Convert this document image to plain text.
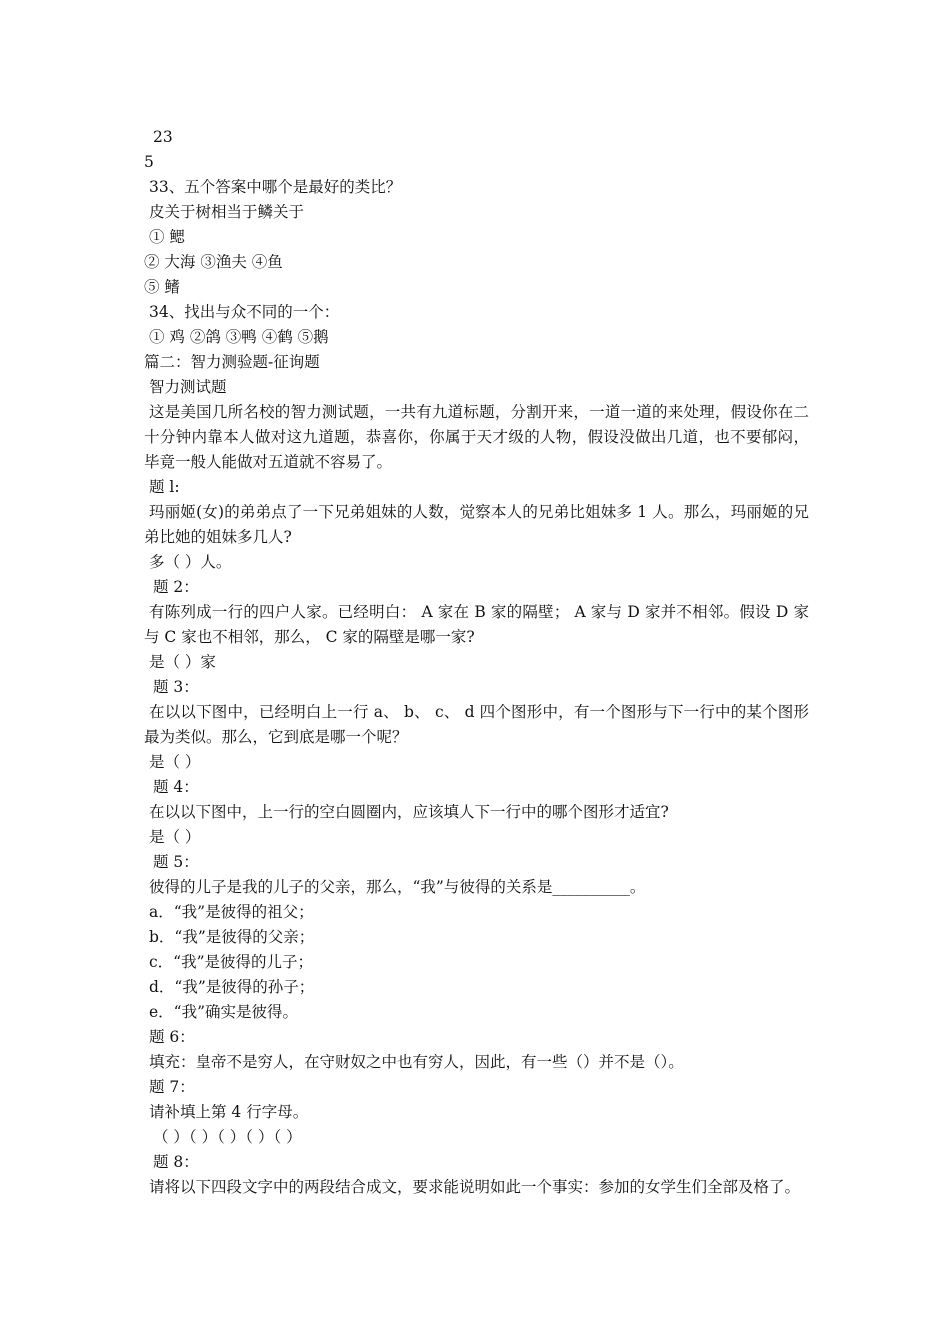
23

5

33、五个答案中哪个是最好的类比？

皮关于树相当于鳞关于

① 鳃

② 大海 ③渔夫 ④鱼

⑤ 鳍

34、找出与众不同的一个：

① 鸡 ②鸽 ③鸭 ④鹤 ⑤鹅

篇二：智力测验题-征询题

智力测试题

这是美国几所名校的智力测试题，一共有九道标题，分割开来，一道一道的来处理，假设你在二十分钟内靠本人做对这九道题，恭喜你，你属于天才级的人物，假设没做出几道，也不要郁闷，毕竟一般人能做对五道就不容易了。

题 l:

玛丽姬(女)的弟弟点了一下兄弟姐妹的人数，觉察本人的兄弟比姐妹多 1 人。那么，玛丽姬的兄弟比她的姐妹多几人?

多（ ）人。

题 2：

有陈列成一行的四户人家。已经明白： A 家在 B 家的隔壁； A 家与 D 家并不相邻。假设 D 家与 C 家也不相邻，那么， C 家的隔壁是哪一家?

是（ ）家

题 3：

在以以下图中，已经明白上一行 a、 b、 c、 d 四个图形中，有一个图形与下一行中的某个图形最为类似。那么，它到底是哪一个呢？

是（ ）

题 4：

在以以下图中，上一行的空白圆圈内，应该填人下一行中的哪个图形才适宜?

是（ ）

题 5：

彼得的儿子是我的儿子的父亲，那么，“我”与彼得的关系是__________。

a．“我”是彼得的祖父；

b．“我”是彼得的父亲；

c．“我”是彼得的儿子；

d．“我”是彼得的孙子；

e．“我”确实是彼得。

题 6：

填充：皇帝不是穷人，在守财奴之中也有穷人，因此，有一些（）并不是（）。

题 7：

请补填上第 4 行字母。

（ ）（ ）（ ）（ ）（ ）

题 8：

请将以下四段文字中的两段结合成文，要求能说明如此一个事实：参加的女学生们全部及格了。
